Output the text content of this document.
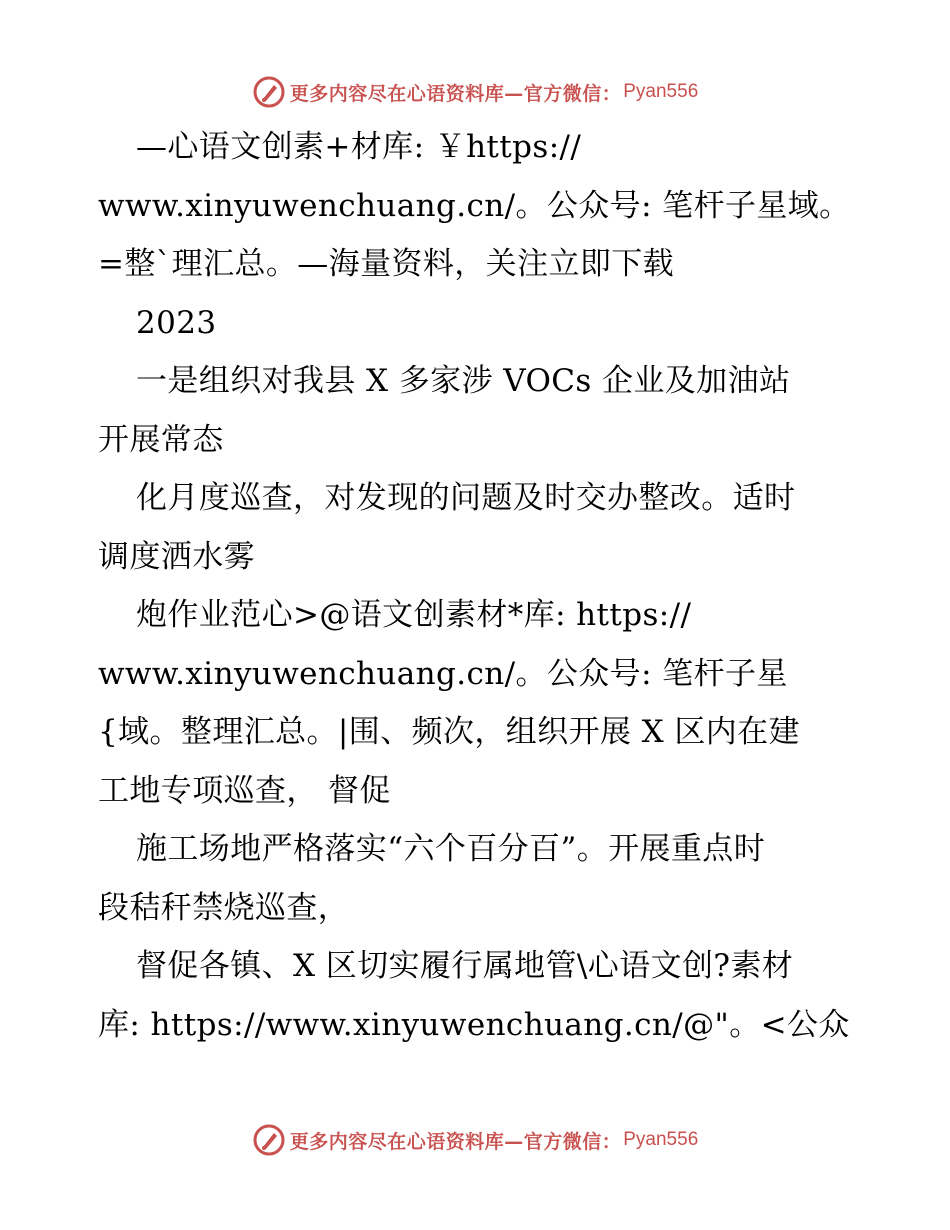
更多内容尽在心语资料库—官方微信： Pyan556
—心语文创素+材库: ￥https://
www.xinyuwenchuang.cn/。公众号: 笔杆子星域。
=整ˋ理汇总。—海量资料，关注立即下载
2023
一是组织对我县 X 多家涉 VOCs 企业及加油站
开展常态
化月度巡查，对发现的问题及时交办整改。适时
调度洒水雾
炮作业范心>@语文创素材*库: https://
www.xinyuwenchuang.cn/。公众号: 笔杆子星
{域。整理汇总。|围、频次，组织开展 X 区内在建
工地专项巡查， 督促
施工场地严格落实“六个百分百”。开展重点时
段秸秆禁烧巡查，
督促各镇、X 区切实履行属地管\心语文创?素材
库: https://www.xinyuwenchuang.cn/@"。<公众
更多内容尽在心语资料库—官方微信： Pyan556
